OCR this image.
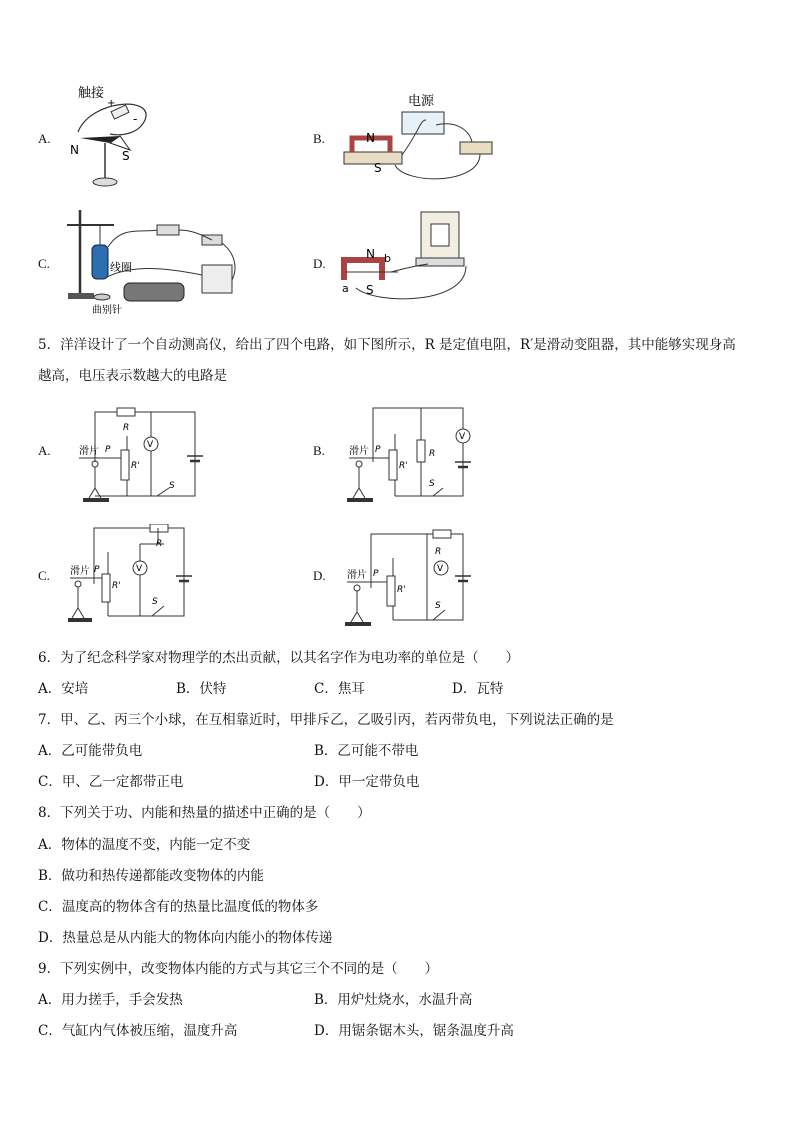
A.
触接
+
-
N	S
B.
电源
N
S
C.	线圈
曲别针
D.
N b
a S
5．洋洋设计了一个自动测高仪，给出了四个电路，如下图所示，R 是定值电阻，R′是滑动变阻器，其中能够实现身高
越高，电压表示数越大的电路是
A.
R
R'
V
S
滑片 P	B.
R'
R
V
S
滑片 P
C.
R'
V
R
S
滑片 P	D.
R'
R
V
S
滑片 P
6．为了纪念科学家对物理学的杰出贡献，以其名字作为电功率的单位是（　　）
A．安培	B．伏特	C．焦耳	D．瓦特
7．甲、乙、丙三个小球，在互相靠近时，甲排斥乙，乙吸引丙，若丙带负电，下列说法正确的是
A．乙可能带负电	B．乙可能不带电
C．甲、乙一定都带正电	D．甲一定带负电
8．下列关于功、内能和热量的描述中正确的是（　　）
A．物体的温度不变，内能一定不变
B．做功和热传递都能改变物体的内能
C．温度高的物体含有的热量比温度低的物体多
D．热量总是从内能大的物体向内能小的物体传递
9．下列实例中，改变物体内能的方式与其它三个不同的是（　　）
A．用力搓手，手会发热	B．用炉灶烧水，水温升高
C．气缸内气体被压缩，温度升高	D．用锯条锯木头，锯条温度升高
